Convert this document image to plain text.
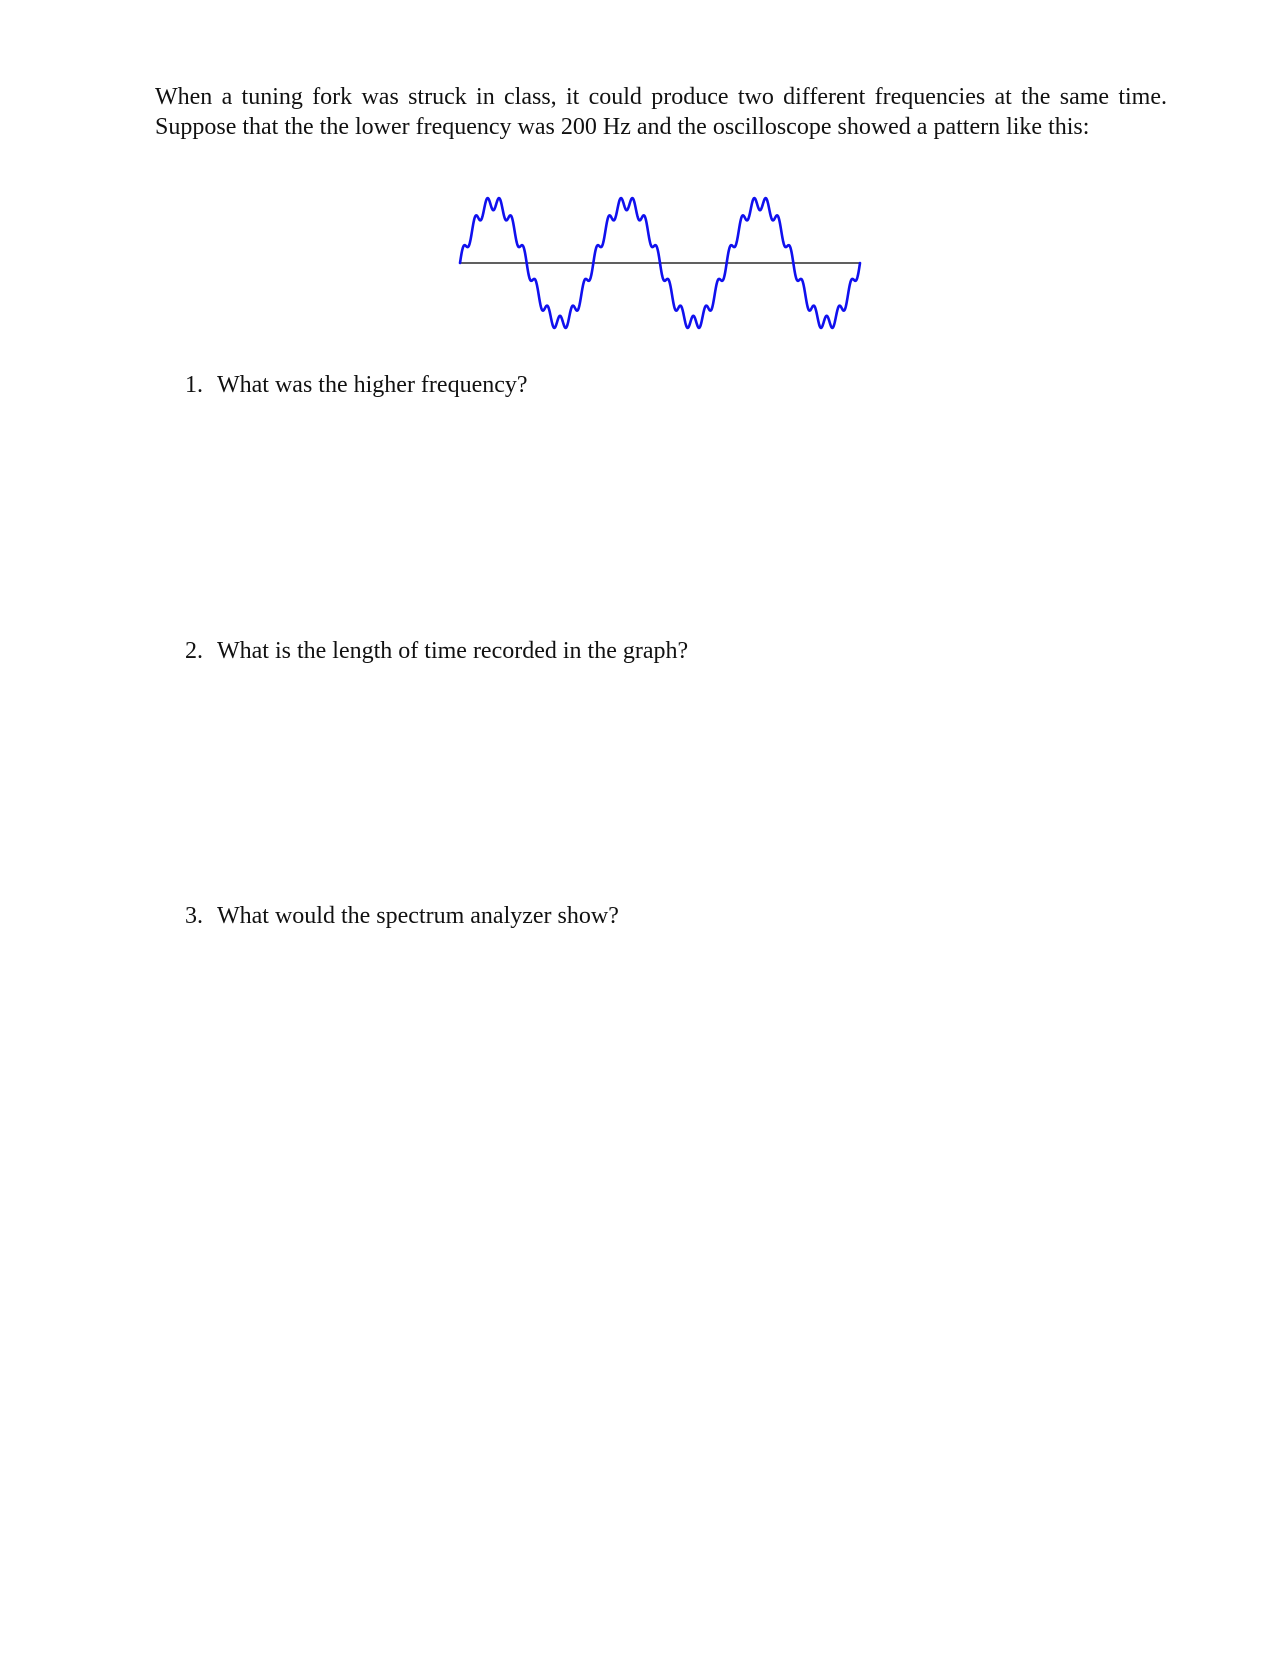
When a tuning fork was struck in class, it could produce two different frequencies at the same time. Suppose that the the lower frequency was 200 Hz and the oscilloscope showed a pattern like this:

1. What was the higher frequency?
2. What is the length of time recorded in the graph?
3. What would the spectrum analyzer show?
